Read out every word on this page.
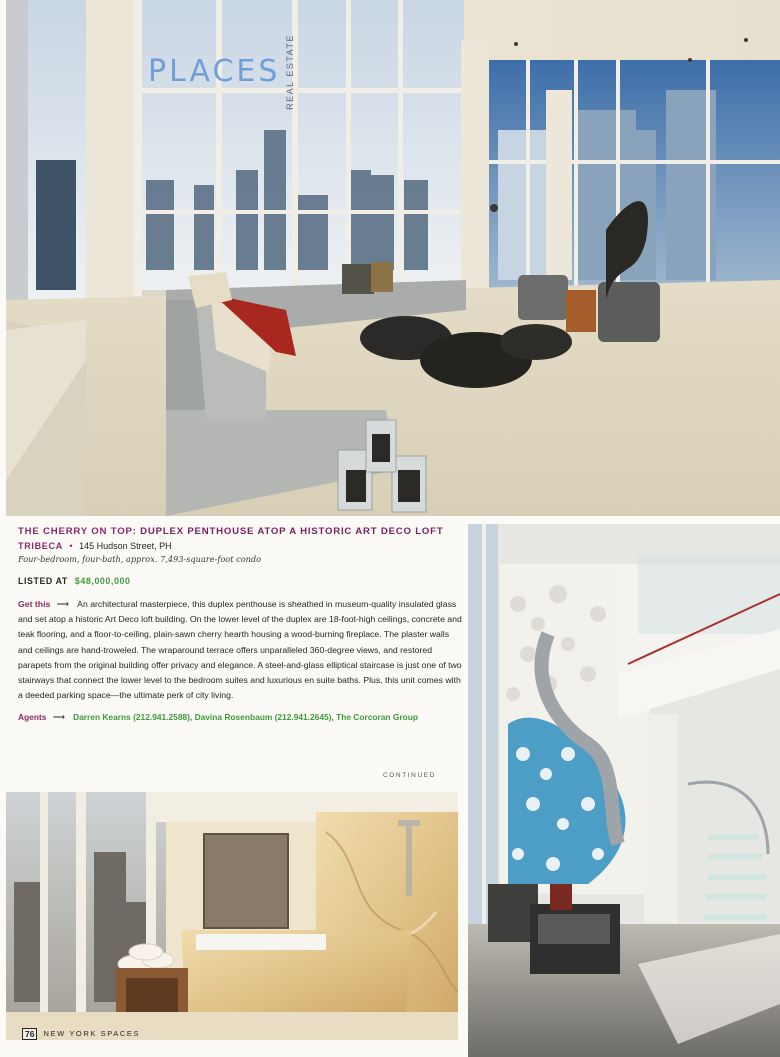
PLACES REAL ESTATE
THE CHERRY ON TOP: DUPLEX PENTHOUSE ATOP A HISTORIC ART DECO LOFT
TRIBECA • 145 Hudson Street, PH
Four-bedroom, four-bath, approx. 7,493-square-foot condo
LISTED AT $48,000,000
Get this ⟶ An architectural masterpiece, this duplex penthouse is sheathed in museum-quality insulated glass and set atop a historic Art Deco loft building. On the lower level of the duplex are 18-foot-high ceilings, concrete and teak flooring, and a floor-to-ceiling, plain-sawn cherry hearth housing a wood-burning fireplace. The plaster walls and ceilings are hand-troweled. The wraparound terrace offers unparalleled 360-degree views, and restored parapets from the original building offer privacy and elegance. A steel-and-glass elliptical staircase is just one of two stairways that connect the lower level to the bedroom suites and luxurious en suite baths. Plus, this unit comes with a deeded parking space—the ultimate perk of city living.
Agents ⟶ Darren Kearns (212.941.2588), Davina Rosenbaum (212.941.2645), The Corcoran Group
CONTINUED
76	NEW YORK SPACES
